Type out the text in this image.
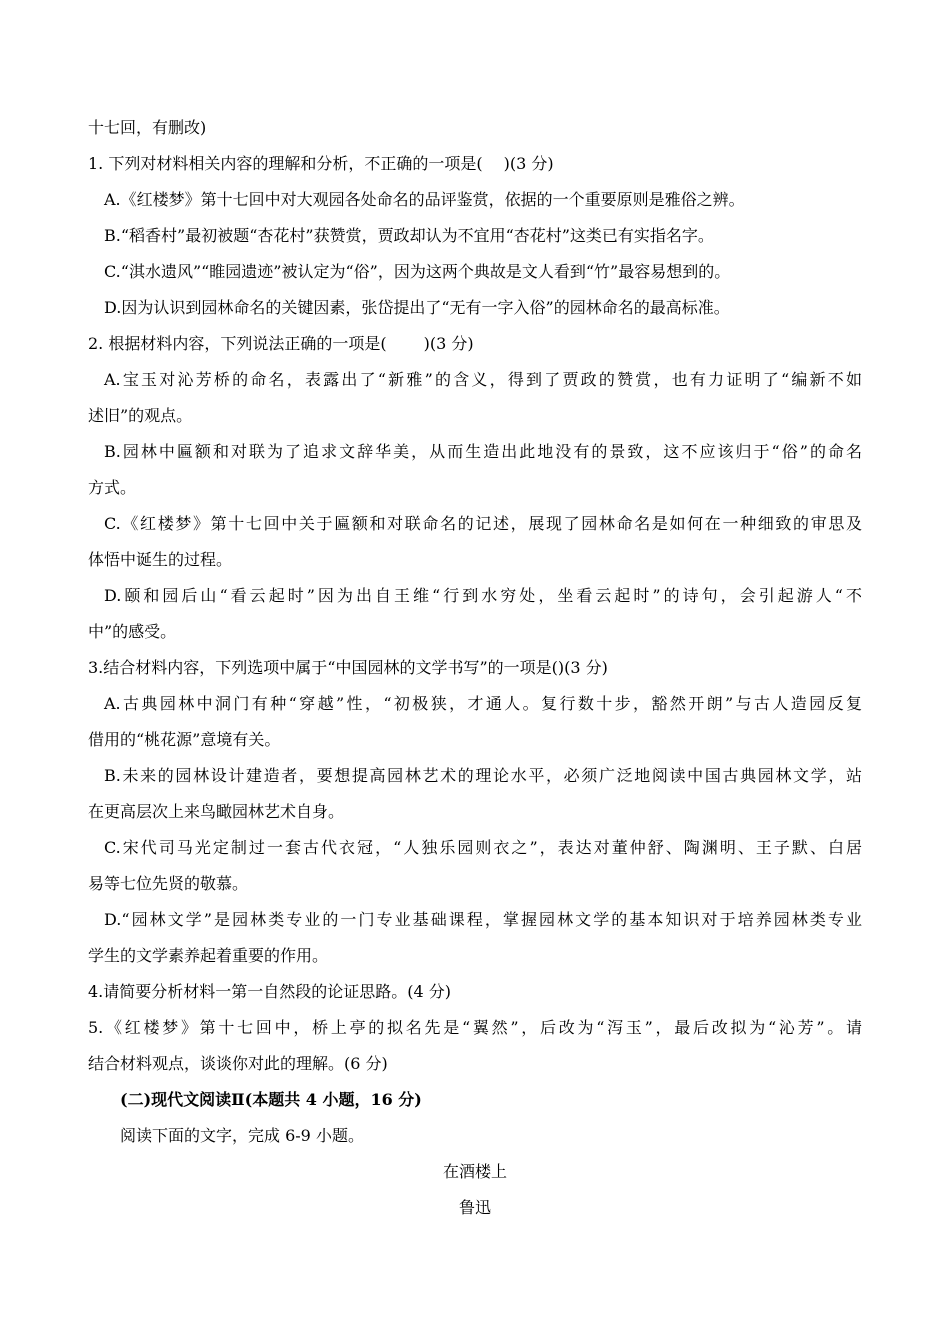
十七回，有删改)
1. 下列对材料相关内容的理解和分析，不正确的一项是(　 )(3 分)
A.《红楼梦》第十七回中对大观园各处命名的品评鉴赏，依据的一个重要原则是雅俗之辨。
B.“稻香村”最初被题“杏花村”获赞赏，贾政却认为不宜用“杏花村”这类已有实指名字。
C.“淇水遗风”“睢园遗迹”被认定为“俗”，因为这两个典故是文人看到“竹”最容易想到的。
D.因为认识到园林命名的关键因素，张岱提出了“无有一字入俗”的园林命名的最高标准。
2. 根据材料内容，下列说法正确的一项是(　 　)(3 分)
A.宝玉对沁芳桥的命名，表露出了“新雅”的含义，得到了贾政的赞赏，也有力证明了“编新不如
述旧”的观点。
B.园林中匾额和对联为了追求文辞华美，从而生造出此地没有的景致，这不应该归于“俗”的命名
方式。
C.《红楼梦》第十七回中关于匾额和对联命名的记述，展现了园林命名是如何在一种细致的审思及
体悟中诞生的过程。
D.颐和园后山“看云起时”因为出自王维“行到水穷处，坐看云起时”的诗句，会引起游人“不
中”的感受。
3.结合材料内容，下列选项中属于“中国园林的文学书写”的一项是()(3 分)
A.古典园林中洞门有种“穿越”性，“初极狭，才通人。复行数十步，豁然开朗”与古人造园反复
借用的“桃花源”意境有关。
B.未来的园林设计建造者，要想提高园林艺术的理论水平，必须广泛地阅读中国古典园林文学，站
在更高层次上来鸟瞰园林艺术自身。
C.宋代司马光定制过一套古代衣冠，“人独乐园则衣之”，表达对董仲舒、陶渊明、王子默、白居
易等七位先贤的敬慕。
D.“园林文学”是园林类专业的一门专业基础课程，掌握园林文学的基本知识对于培养园林类专业
学生的文学素养起着重要的作用。
4.请简要分析材料一第一自然段的论证思路。(4 分)
5.《红楼梦》第十七回中，桥上亭的拟名先是“翼然”，后改为“泻玉”，最后改拟为“沁芳”。请
结合材料观点，谈谈你对此的理解。(6 分)
(二)现代文阅读Ⅱ(本题共 4 小题，16 分)
阅读下面的文字，完成 6-9 小题。
在酒楼上
鲁迅
